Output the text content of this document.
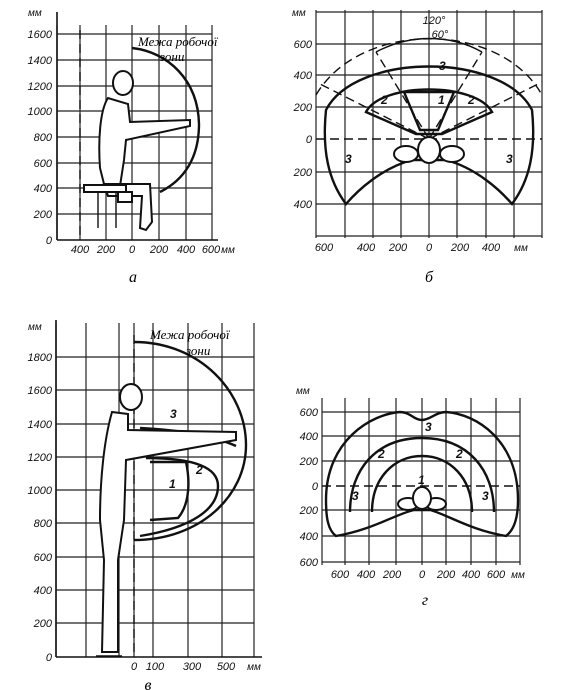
мм
1600
1400
1200
1000
800
600
400
200
0
400 200 0 200 400 600 мм
Межа робочої
зони
а
мм
600
400
200
0
200
400
600 400 200 0 200 400 мм
120°
60°
1
2	2
3
3	3
б
мм
1800
1600
1400
1200
1000
800
600
400
200
0
0 100 300 500 мм
Межа робочої
зони
3
2
1
в
мм
600
400
200
0
200
400
600
600 400 200 0 200 400 600 мм
1
2	2
3
3	3
г
